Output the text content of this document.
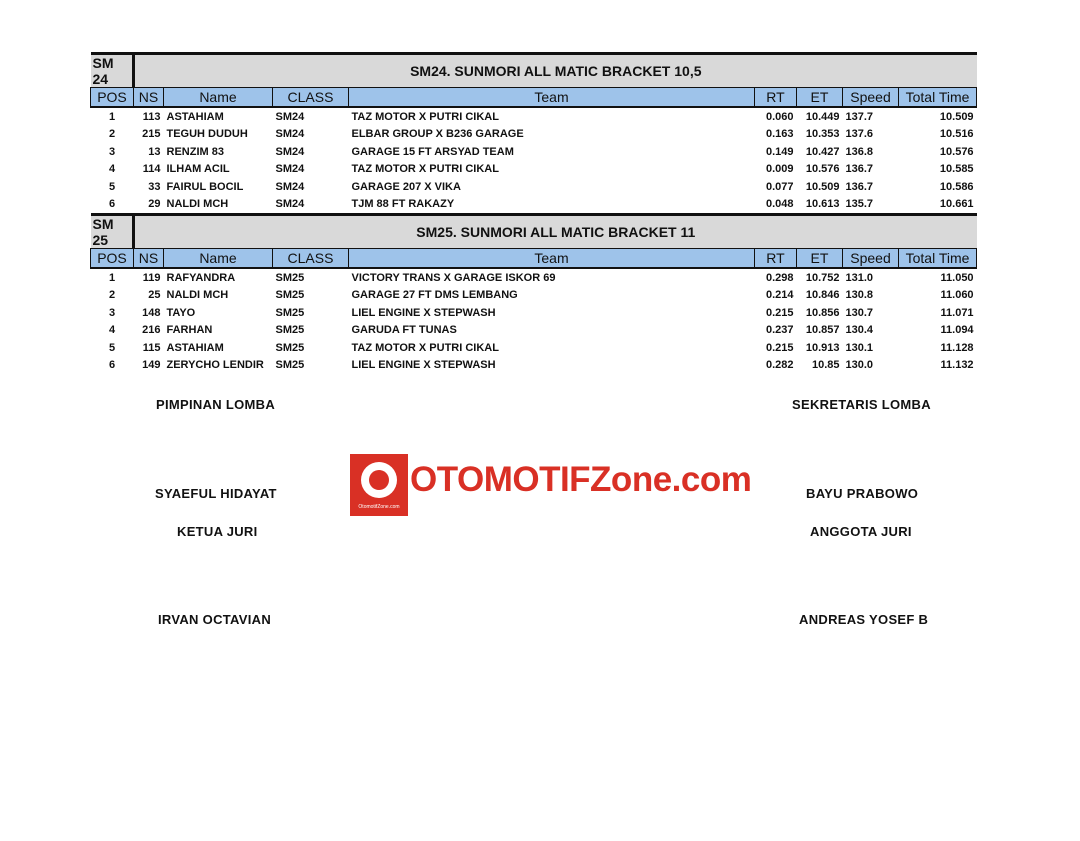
SM 24	SM24. SUNMORI ALL MATIC BRACKET 10,5							
POS	NS	Name	CLASS	Team	RT	ET	Speed	Total Time
1	113	ASTAHIAM	SM24	TAZ MOTOR X PUTRI CIKAL	0.060	10.449	137.7	10.509
2	215	TEGUH DUDUH	SM24	ELBAR GROUP X B236 GARAGE	0.163	10.353	137.6	10.516
3	13	RENZIM 83	SM24	GARAGE 15 FT ARSYAD TEAM	0.149	10.427	136.8	10.576
4	114	ILHAM ACIL	SM24	TAZ MOTOR X PUTRI CIKAL	0.009	10.576	136.7	10.585
5	33	FAIRUL BOCIL	SM24	GARAGE 207 X VIKA	0.077	10.509	136.7	10.586
6	29	NALDI MCH	SM24	TJM 88 FT RAKAZY	0.048	10.613	135.7	10.661
SM 25	SM25. SUNMORI ALL MATIC BRACKET 11							
POS	NS	Name	CLASS	Team	RT	ET	Speed	Total Time
1	119	RAFYANDRA	SM25	VICTORY TRANS X GARAGE ISKOR 69	0.298	10.752	131.0	11.050
2	25	NALDI MCH	SM25	GARAGE 27 FT DMS LEMBANG	0.214	10.846	130.8	11.060
3	148	TAYO	SM25	LIEL ENGINE X STEPWASH	0.215	10.856	130.7	11.071
4	216	FARHAN	SM25	GARUDA FT TUNAS	0.237	10.857	130.4	11.094
5	115	ASTAHIAM	SM25	TAZ MOTOR X PUTRI CIKAL	0.215	10.913	130.1	11.128
6	149	ZERYCHO LENDIR	SM25	LIEL ENGINE X STEPWASH	0.282	10.85	130.0	11.132
PIMPINAN LOMBA
SYAEFUL HIDAYAT
KETUA JURI
IRVAN OCTAVIAN
SEKRETARIS LOMBA
BAYU PRABOWO
ANGGOTA JURI
ANDREAS YOSEF B
OtomotifZone.com
OTOMOTIFZone.com
